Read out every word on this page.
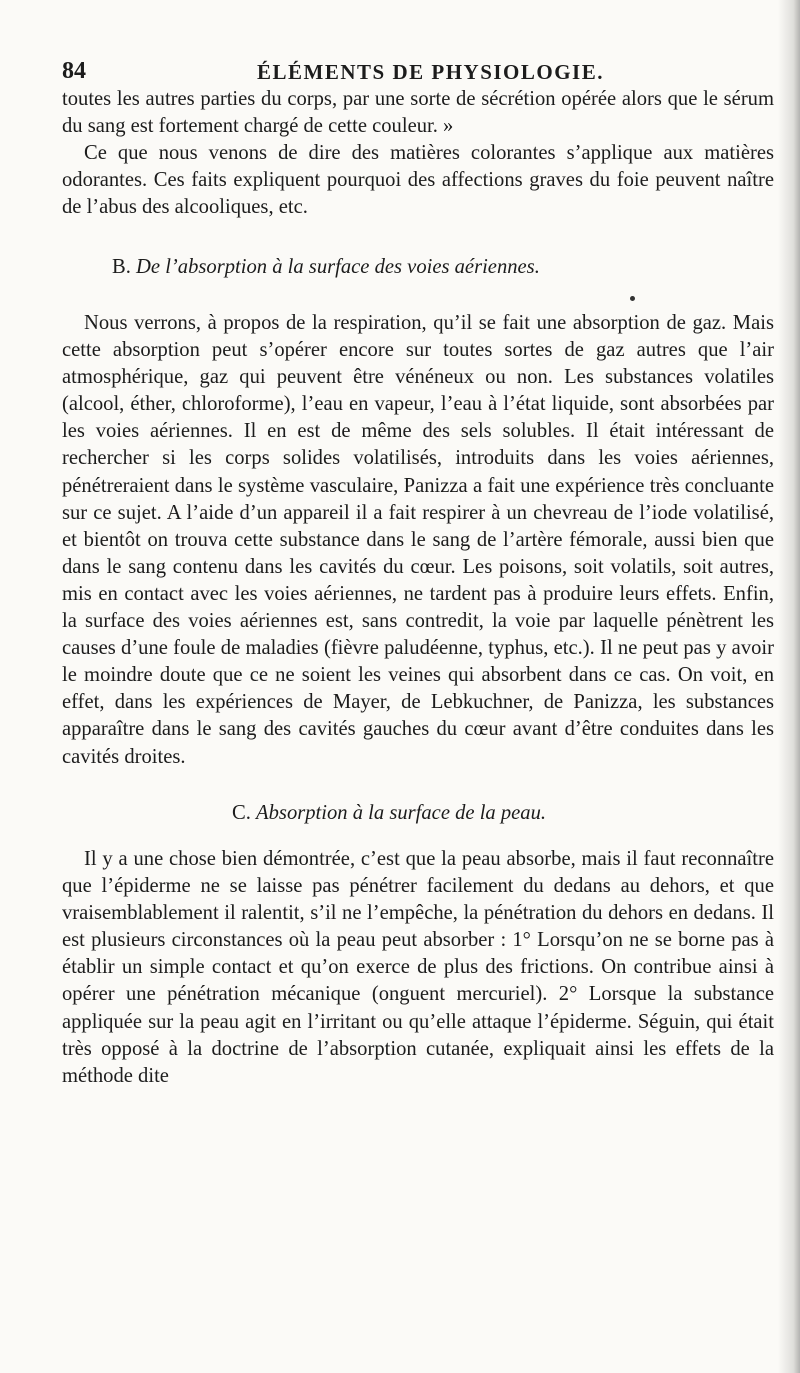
84	ÉLÉMENTS DE PHYSIOLOGIE.

toutes les autres parties du corps, par une sorte de sécrétion opérée alors que le sérum du sang est fortement chargé de cette couleur. »

Ce que nous venons de dire des matières colorantes s’applique aux matières odorantes. Ces faits expliquent pourquoi des affections graves du foie peuvent naître de l’abus des alcooliques, etc.

B. De l’absorption à la surface des voies aériennes.

Nous verrons, à propos de la respiration, qu’il se fait une absorption de gaz. Mais cette absorption peut s’opérer encore sur toutes sortes de gaz autres que l’air atmosphérique, gaz qui peuvent être vénéneux ou non. Les substances volatiles (alcool, éther, chloroforme), l’eau en vapeur, l’eau à l’état liquide, sont absorbées par les voies aériennes. Il en est de même des sels solubles. Il était intéressant de rechercher si les corps solides volatilisés, introduits dans les voies aériennes, pénétreraient dans le système vasculaire, Panizza a fait une expérience très concluante sur ce sujet. A l’aide d’un appareil il a fait respirer à un chevreau de l’iode volatilisé, et bientôt on trouva cette substance dans le sang de l’artère fémorale, aussi bien que dans le sang contenu dans les cavités du cœur. Les poisons, soit volatils, soit autres, mis en contact avec les voies aériennes, ne tardent pas à produire leurs effets. Enfin, la surface des voies aériennes est, sans contredit, la voie par laquelle pénètrent les causes d’une foule de maladies (fièvre paludéenne, typhus, etc.). Il ne peut pas y avoir le moindre doute que ce ne soient les veines qui absorbent dans ce cas. On voit, en effet, dans les expériences de Mayer, de Lebkuchner, de Panizza, les substances apparaître dans le sang des cavités gauches du cœur avant d’être conduites dans les cavités droites.

C. Absorption à la surface de la peau.

Il y a une chose bien démontrée, c’est que la peau absorbe, mais il faut reconnaître que l’épiderme ne se laisse pas pénétrer facilement du dedans au dehors, et que vraisemblablement il ralentit, s’il ne l’empêche, la pénétration du dehors en dedans. Il est plusieurs circonstances où la peau peut absorber : 1° Lorsqu’on ne se borne pas à établir un simple contact et qu’on exerce de plus des frictions. On contribue ainsi à opérer une pénétration mécanique (onguent mercuriel). 2° Lorsque la substance appliquée sur la peau agit en l’irritant ou qu’elle attaque l’épiderme. Séguin, qui était très opposé à la doctrine de l’absorption cutanée, expliquait ainsi les effets de la méthode dite
